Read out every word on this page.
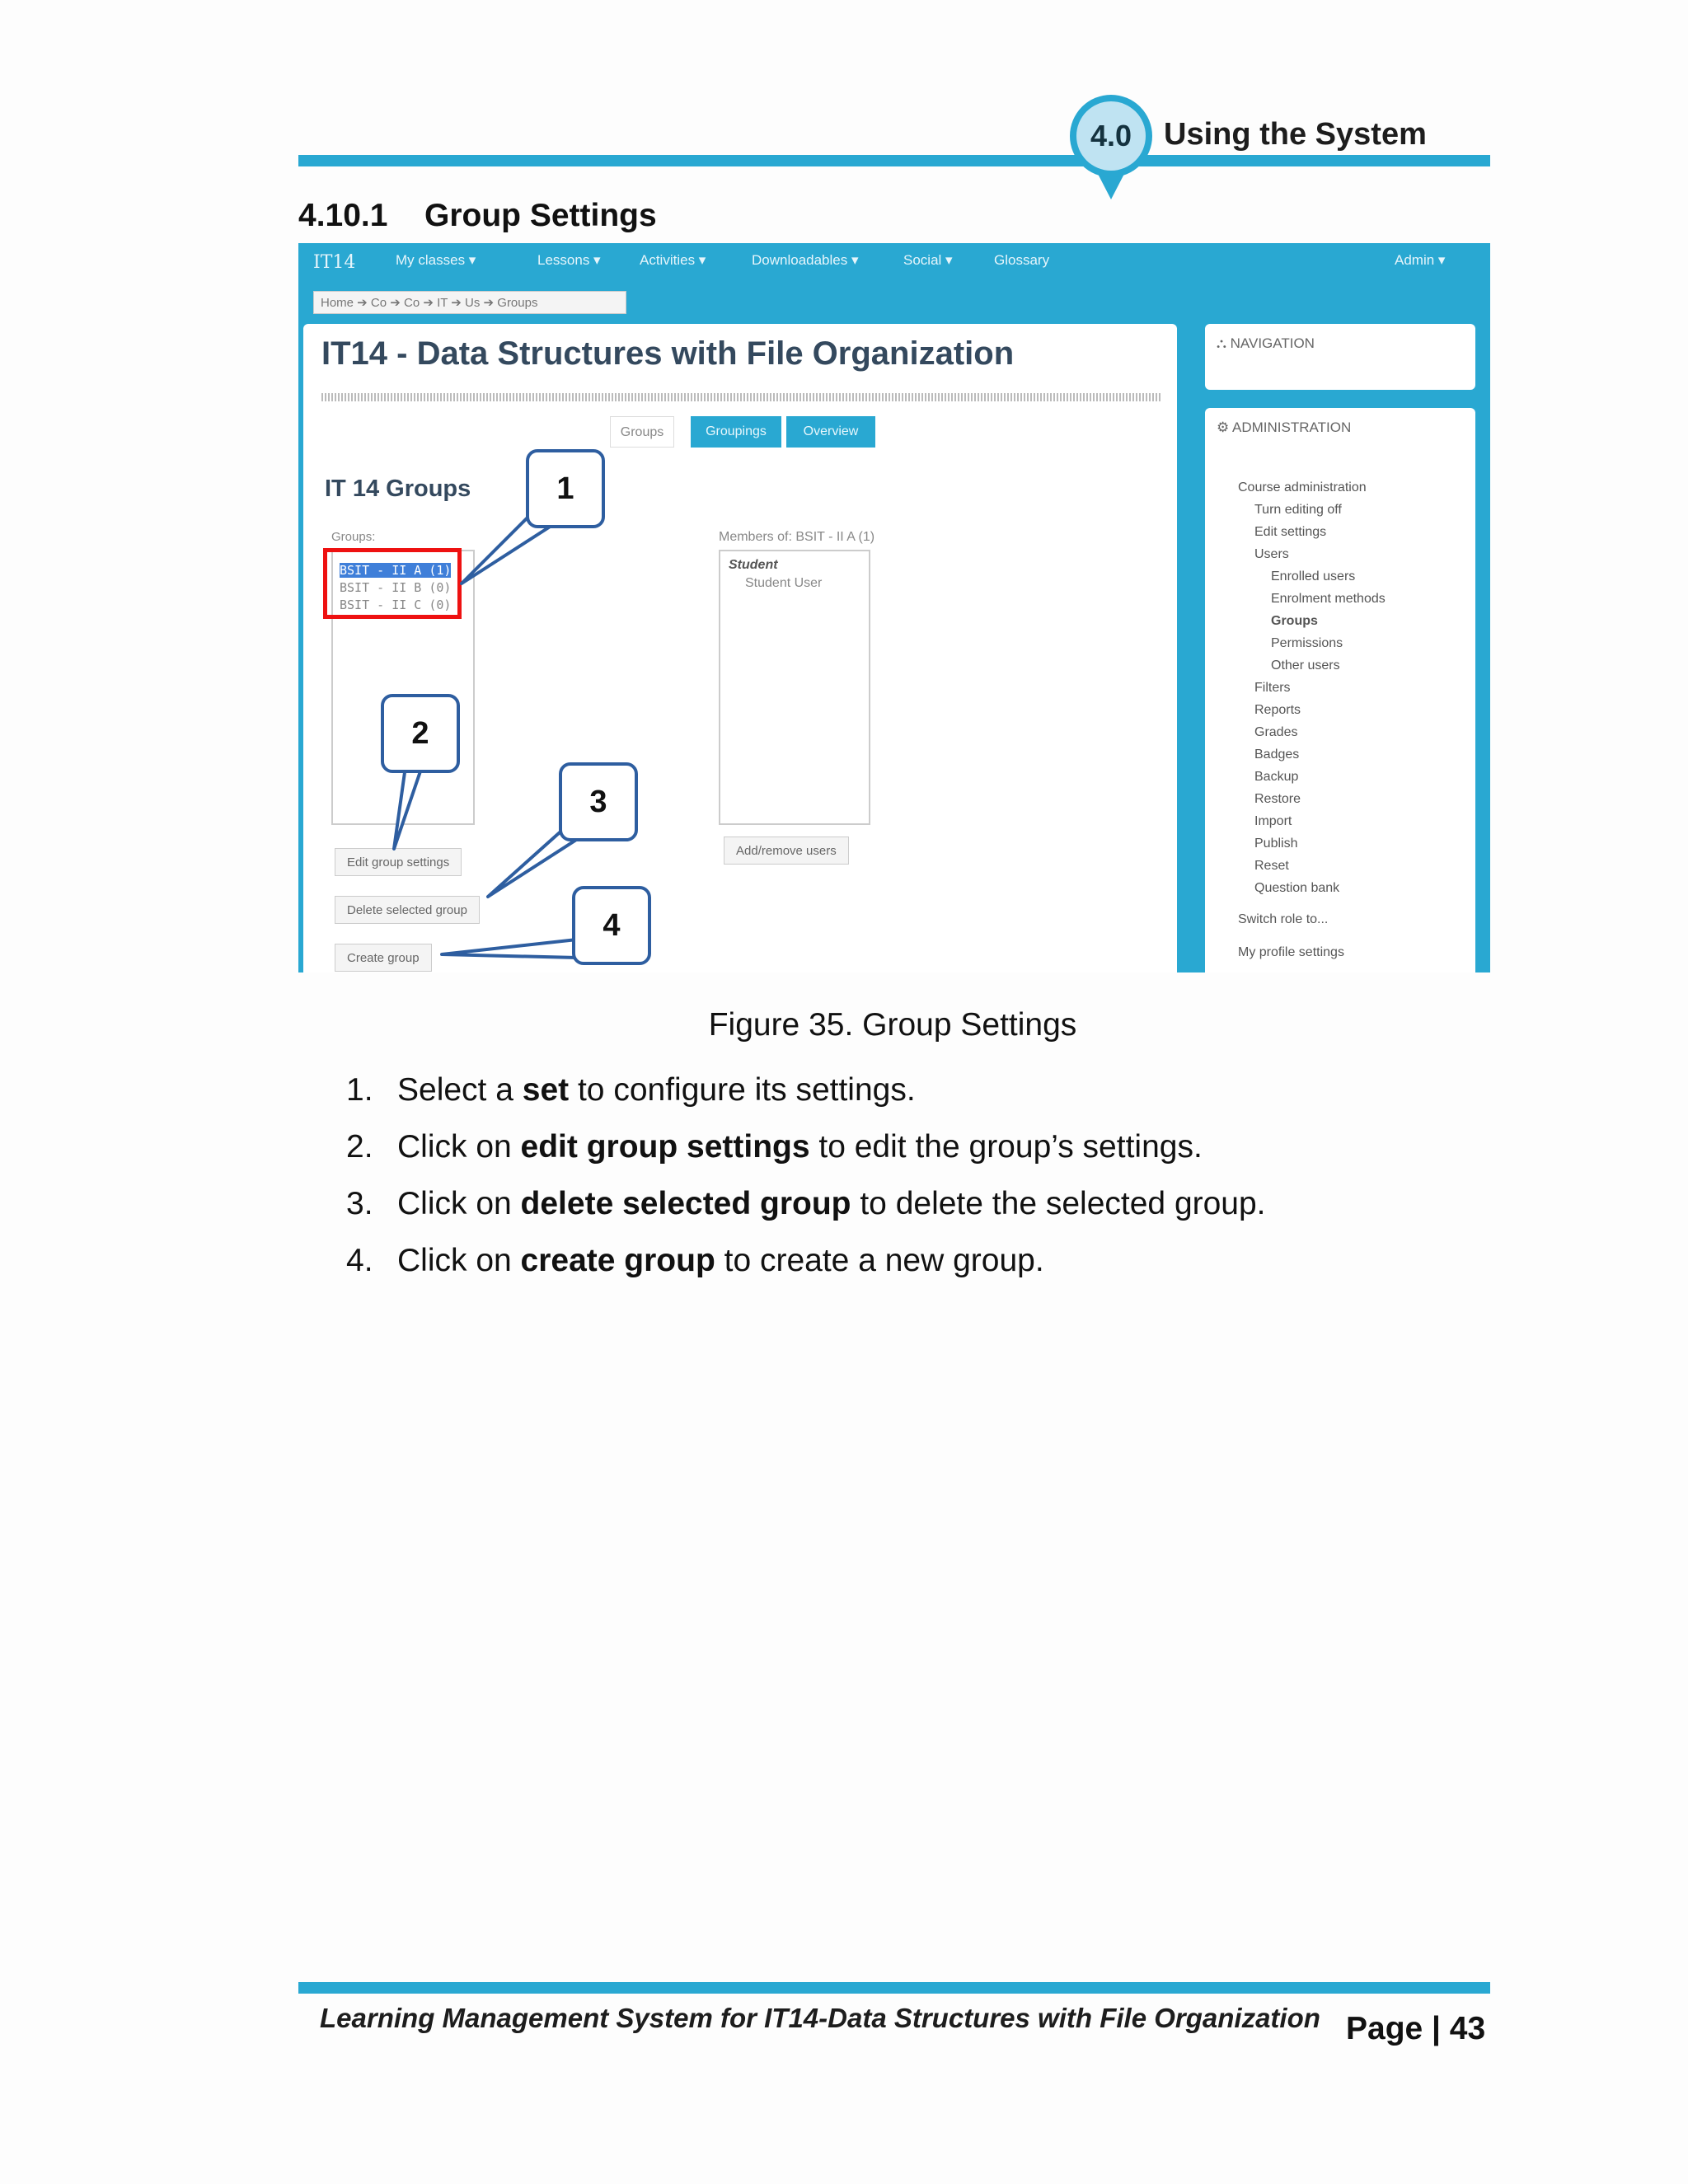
4.0	Using the System
4.10.1 Group Settings
IT14	My classes ▾	Lessons ▾	Activities ▾	Downloadables ▾	Social ▾	Glossary	Admin ▾
Home ➔ Co ➔ Co ➔ IT ➔ Us ➔ Groups
IT14 - Data Structures with File Organization
Groups	Groupings	Overview
IT 14 Groups
Groups:	Members of: BSIT - II A (1)
BSIT - II A (1)
BSIT - II B (0)
BSIT - II C (0)
Student
Student User
Edit group settings
Delete selected group
Create group
Add/remove users
⛬ NAVIGATION
⚙ ADMINISTRATION
Course administration
Turn editing off
Edit settings
Users
Enrolled users
Enrolment methods
Groups
Permissions
Other users
Filters
Reports
Grades
Badges
Backup
Restore
Import
Publish
Reset
Question bank
Switch role to...
My profile settings
1
2
3
4
Figure 35. Group Settings
1. Select a set to configure its settings.
2. Click on edit group settings to edit the group’s settings.
3. Click on delete selected group to delete the selected group.
4. Click on create group to create a new group.
Learning Management System for IT14-Data Structures with File Organization Page | 43
